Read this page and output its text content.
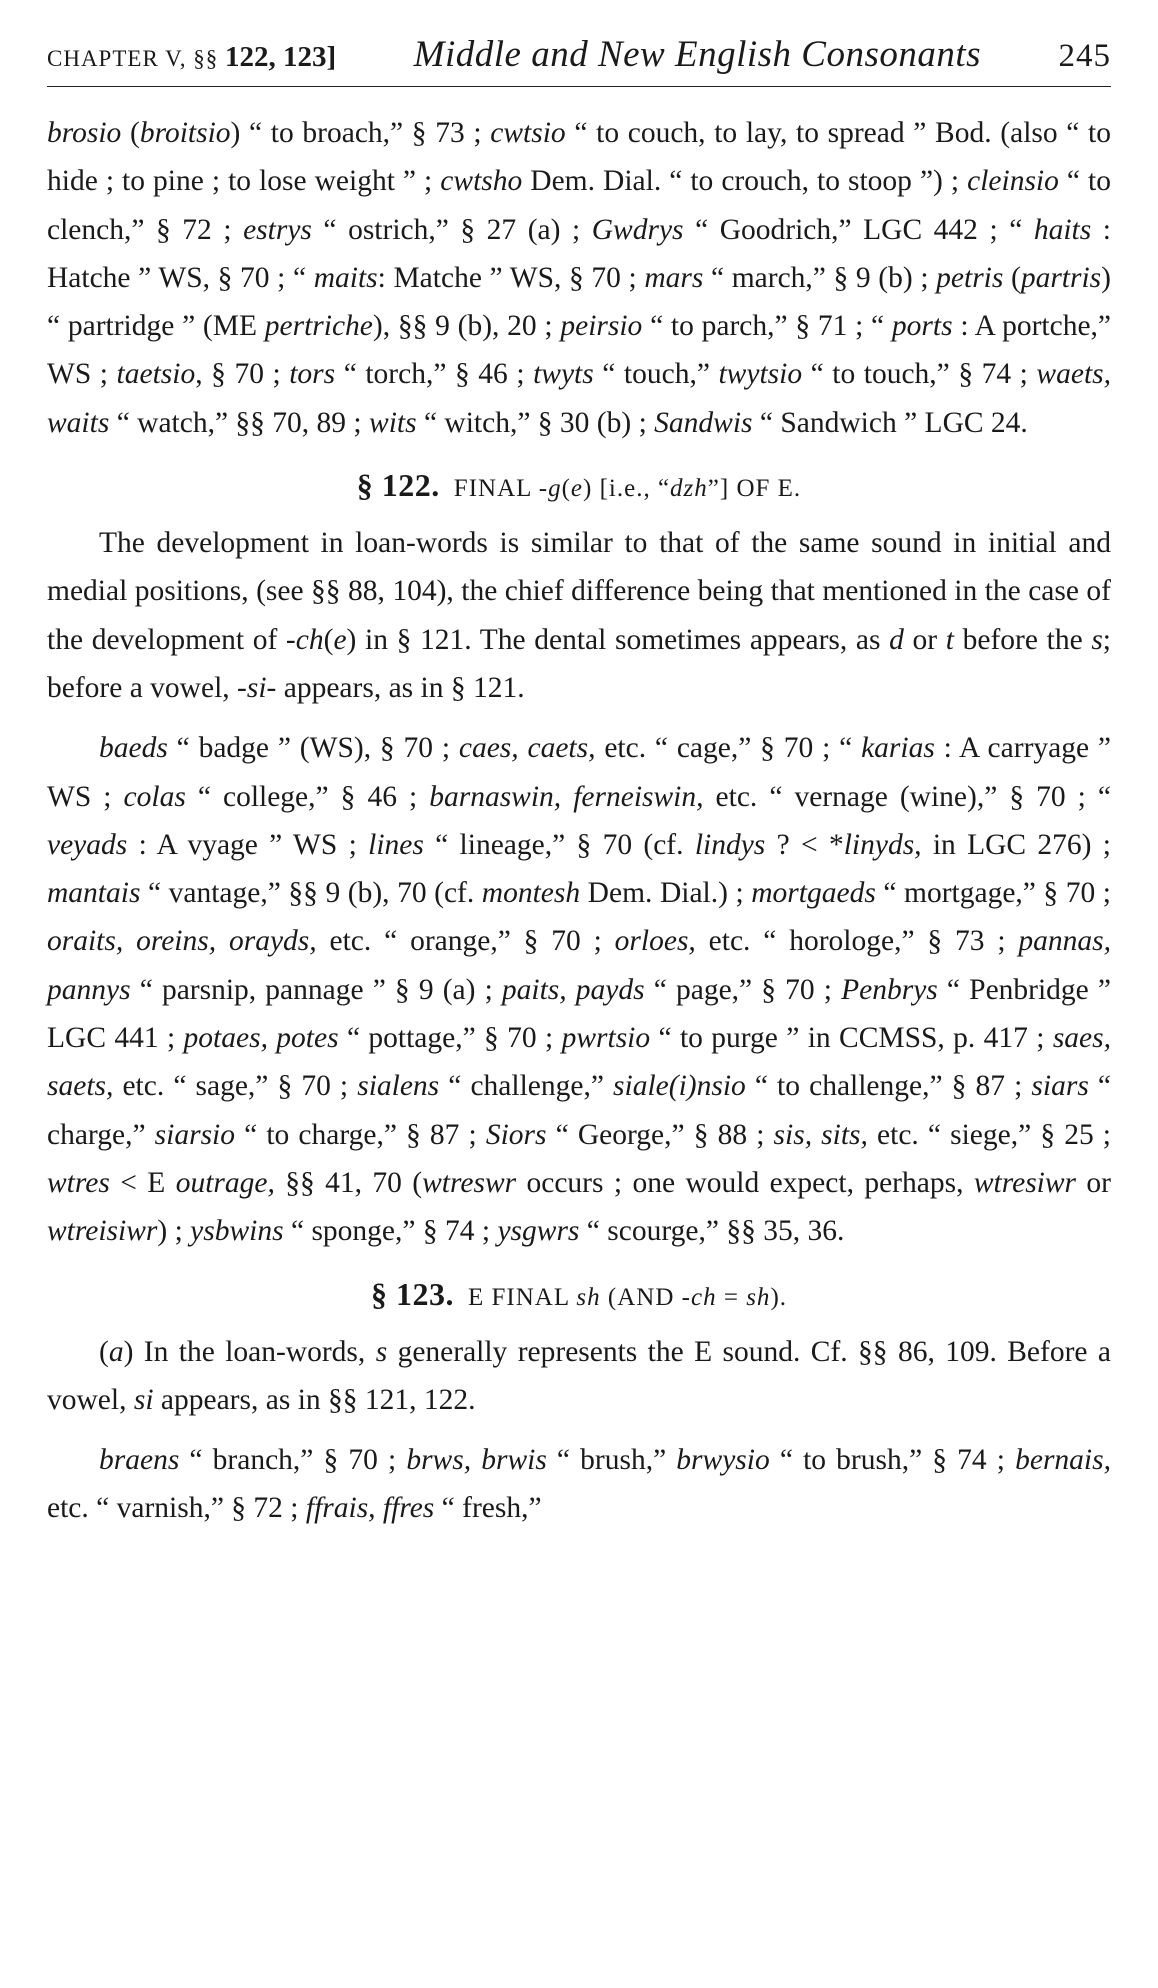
CHAPTER V, §§ 122, 123] Middle and New English Consonants 245

brosio (broitsio) “ to broach,” § 73 ; cwtsio “ to couch, to lay, to spread ” Bod. (also “ to hide ; to pine ; to lose weight ” ; cwtsho Dem. Dial. “ to crouch, to stoop ”) ; cleinsio “ to clench,” § 72 ; estrys “ ostrich,” § 27 (a) ; Gwdrys “ Goodrich,” LGC 442 ; “ haits : Hatche ” WS, § 70 ; “ maits: Matche ” WS, § 70 ; mars “ march,” § 9 (b) ; petris (partris) “ partridge ” (ME pertriche), §§ 9 (b), 20 ; peirsio “ to parch,” § 71 ; “ ports : A portche,” WS ; taetsio, § 70 ; tors “ torch,” § 46 ; twyts “ touch,” twytsio “ to touch,” § 74 ; waets, waits “ watch,” §§ 70, 89 ; wits “ witch,” § 30 (b) ; Sandwis “ Sandwich ” LGC 24.

§ 122. FINAL -g(e) [i.e., “dzh”] OF E.

The development in loan-words is similar to that of the same sound in initial and medial positions, (see §§ 88, 104), the chief difference being that mentioned in the case of the development of -ch(e) in § 121. The dental sometimes appears, as d or t before the s; before a vowel, -si- appears, as in § 121.

baeds “ badge ” (WS), § 70 ; caes, caets, etc. “ cage,” § 70 ; “ karias : A carryage ” WS ; colas “ college,” § 46 ; barnaswin, ferneiswin, etc. “ vernage (wine),” § 70 ; “ veyads : A vyage ” WS ; lines “ lineage,” § 70 (cf. lindys ? < *linyds, in LGC 276) ; mantais “ vantage,” §§ 9 (b), 70 (cf. montesh Dem. Dial.) ; mortgaeds “ mortgage,” § 70 ; oraits, oreins, orayds, etc. “ orange,” § 70 ; orloes, etc. “ horologe,” § 73 ; pannas, pannys “ parsnip, pannage ” § 9 (a) ; paits, payds “ page,” § 70 ; Penbrys “ Penbridge ” LGC 441 ; potaes, potes “ pottage,” § 70 ; pwrtsio “ to purge ” in CCMSS, p. 417 ; saes, saets, etc. “ sage,” § 70 ; sialens “ challenge,” siale(i)nsio “ to challenge,” § 87 ; siars “ charge,” siarsio “ to charge,” § 87 ; Siors “ George,” § 88 ; sis, sits, etc. “ siege,” § 25 ; wtres < E outrage, §§ 41, 70 (wtreswr occurs ; one would expect, perhaps, wtresiwr or wtreisiwr) ; ysbwins “ sponge,” § 74 ; ysgwrs “ scourge,” §§ 35, 36.

§ 123. E FINAL sh (AND -ch = sh).

(a) In the loan-words, s generally represents the E sound. Cf. §§ 86, 109. Before a vowel, si appears, as in §§ 121, 122.

braens “ branch,” § 70 ; brws, brwis “ brush,” brwysio “ to brush,” § 74 ; bernais, etc. “ varnish,” § 72 ; ffrais, ffres “ fresh,”
